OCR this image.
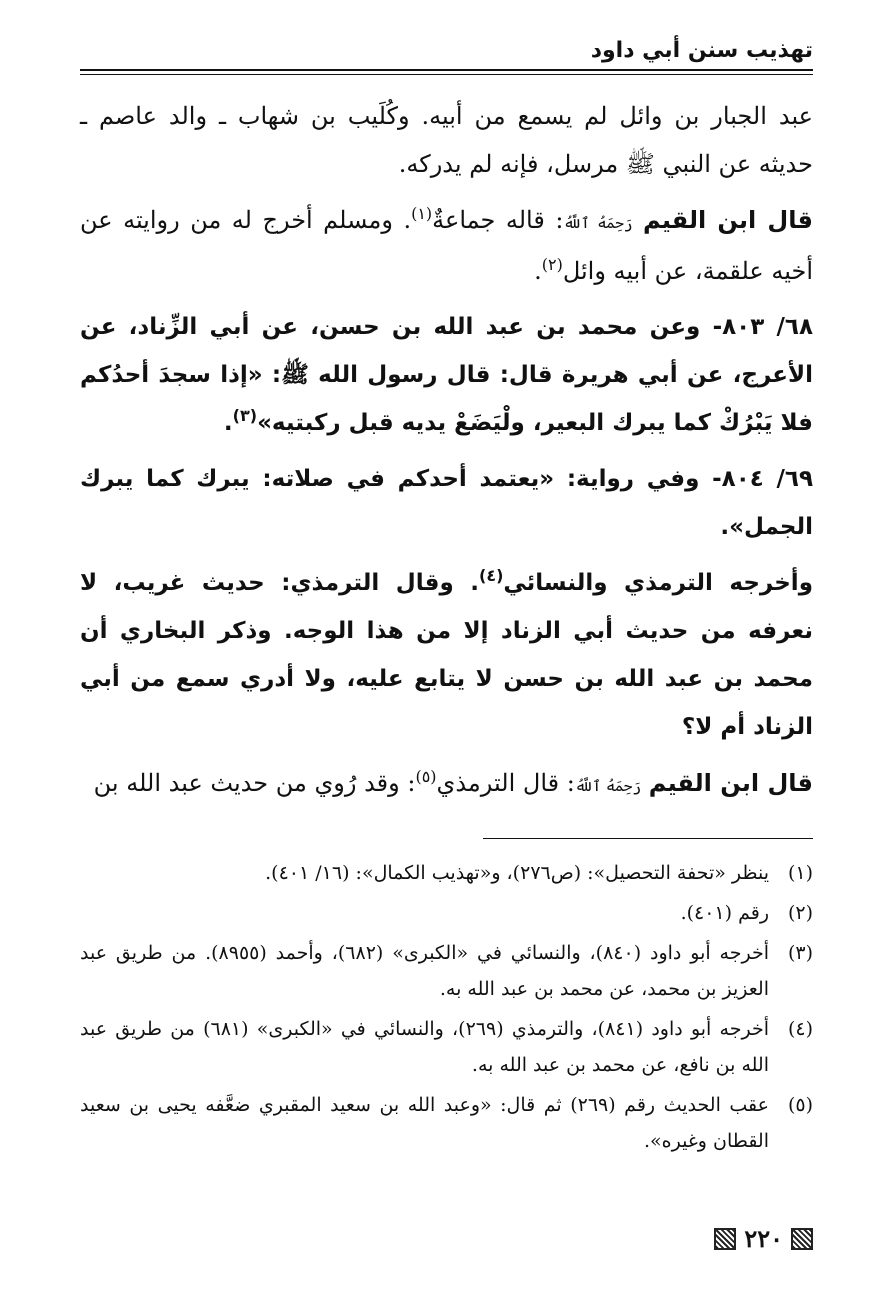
تهذيب سنن أبي داود

عبد الجبار بن وائل لم يسمع من أبيه. وكُلَيب بن شهاب ـ والد عاصم ـ حديثه عن النبي ﷺ مرسل، فإنه لم يدركه.

قال ابن القيم رَحِمَهُ ٱللَّهُ: قاله جماعةٌ$^{(١)}$. ومسلم أخرج له من روايته عن أخيه علقمة، عن أبيه وائل$^{(٢)}$.

٦٨/ ٨٠٣- وعن محمد بن عبد الله بن حسن، عن أبي الزِّناد، عن الأعرج، عن أبي هريرة قال: قال رسول الله ﷺ: «إذا سجدَ أحدُكم فلا يَبْرُكْ كما يبرك البعير، ولْيَضَعْ يديه قبل ركبتيه»$^{(٣)}$.

٦٩/ ٨٠٤- وفي رواية: «يعتمد أحدكم في صلاته: يبرك كما يبرك الجمل».

وأخرجه الترمذي والنسائي$^{(٤)}$. وقال الترمذي: حديث غريب، لا نعرفه من حديث أبي الزناد إلا من هذا الوجه. وذكر البخاري أن محمد بن عبد الله بن حسن لا يتابع عليه، ولا أدري سمع من أبي الزناد أم لا؟

قال ابن القيم رَحِمَهُ ٱللَّهُ: قال الترمذي$^{(٥)}$: وقد رُوي من حديث عبد الله بن

(١)
ينظر «تحفة التحصيل»: (ص٢٧٦)، و«تهذيب الكمال»: (١٦/ ٤٠١).
(٢)
رقم (٤٠١).
(٣)
أخرجه أبو داود (٨٤٠)، والنسائي في «الكبرى» (٦٨٢)، وأحمد (٨٩٥٥). من طريق عبد العزيز بن محمد، عن محمد بن عبد الله به.
(٤)
أخرجه أبو داود (٨٤١)، والترمذي (٢٦٩)، والنسائي في «الكبرى» (٦٨١) من طريق عبد الله بن نافع، عن محمد بن عبد الله به.
(٥)
عقب الحديث رقم (٢٦٩) ثم قال: «وعبد الله بن سعيد المقبري ضعَّفه يحيى بن سعيد القطان وغيره».
٢٢٠
